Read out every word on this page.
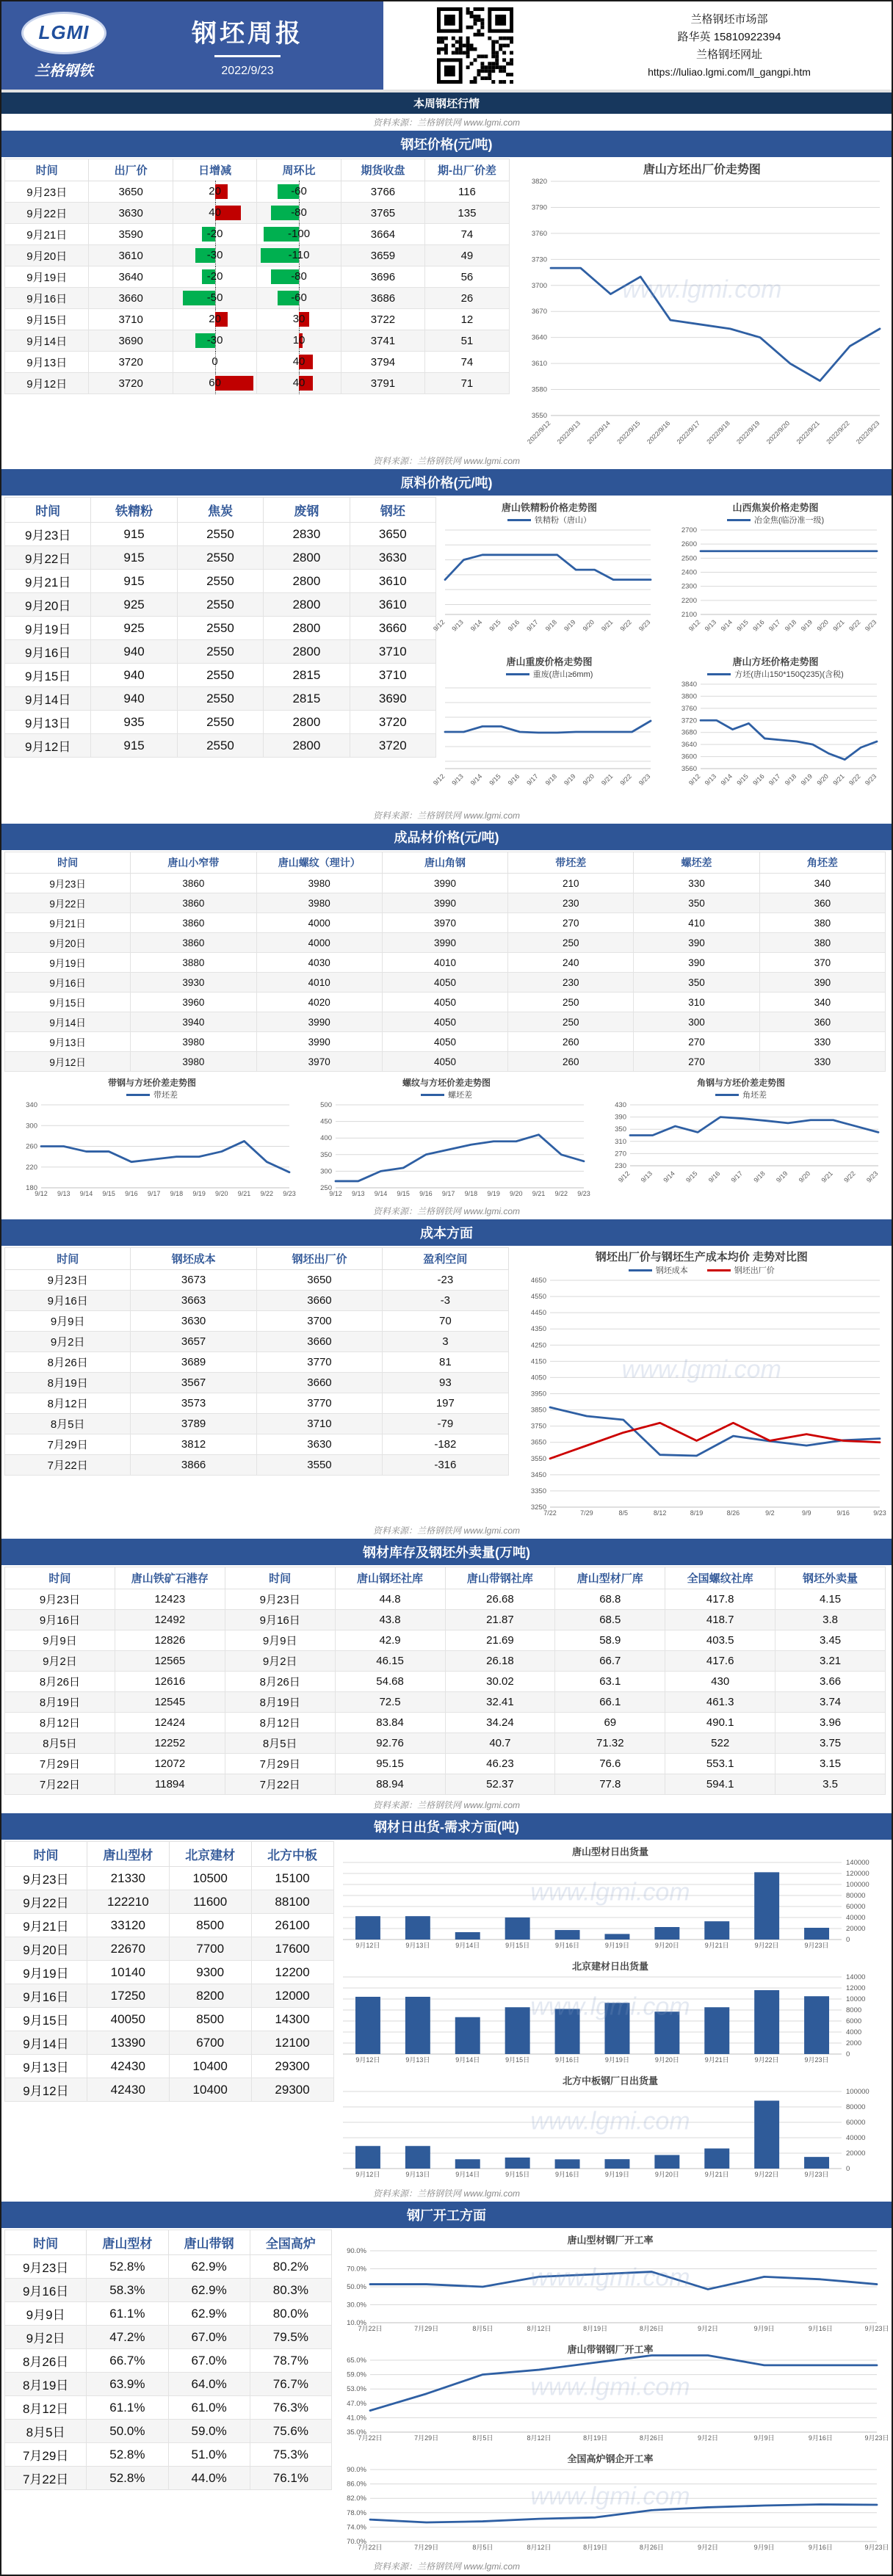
LGMI
兰格钢铁
钢坯周报
2022/9/23
兰格钢坯市场部
路华英 15810922394
兰格钢坯网址
https://luliao.lgmi.com/ll_gangpi.htm
本周钢坯行情
资料来源：兰格钢铁网 www.lgmi.com
钢坯价格(元/吨)
时间	出厂价	日增减	周环比	期货收盘	期-出厂价差
9月23日	3650	20	-60	3766	116
9月22日	3630	40	-80	3765	135
9月21日	3590	-20	-100	3664	74
9月20日	3610	-30	-110	3659	49
9月19日	3640	-20	-80	3696	56
9月16日	3660	-50	-60	3686	26
9月15日	3710	20	30	3722	12
9月14日	3690	-30	10	3741	51
9月13日	3720	0	40	3794	74
9月12日	3720	60	40	3791	71
唐山方坯出厂价走势图
www.lgmi.com
3550
3580
3610
3640
3670
3700
3730
3760
3790
3820
2022/9/12 2022/9/13 2022/9/14 2022/9/15 2022/9/16 2022/9/17 2022/9/18 2022/9/19 2022/9/20 2022/9/21 2022/9/22 2022/9/23
资料来源：兰格钢铁网 www.lgmi.com
原料价格(元/吨)
时间	铁精粉	焦炭	废钢	钢坯
9月23日	915	2550	2830	3650
9月22日	915	2550	2800	3630
9月21日	915	2550	2800	3610
9月20日	925	2550	2800	3610
9月19日	925	2550	2800	3660
9月16日	940	2550	2800	3710
9月15日	940	2550	2815	3710
9月14日	940	2550	2815	3690
9月13日	935	2550	2800	3720
9月12日	915	2550	2800	3720
唐山铁精粉价格走势图
铁精粉（唐山）
9/12 9/13 9/14 9/15 9/16 9/17 9/18 9/19 9/20 9/21 9/22 9/23
山西焦炭价格走势图
冶金焦(临汾准一级)
2100
2200
2300
2400
2500
2600
2700
9/12 9/13 9/14 9/15 9/16 9/17 9/18 9/19 9/20 9/21 9/22 9/23
唐山重废价格走势图
重废(唐山≥6mm)
9/12 9/13 9/14 9/15 9/16 9/17 9/18 9/19 9/20 9/21 9/22 9/23
唐山方坯价格走势图
方坯(唐山150*150Q235)(含税)
3560
3600
3640
3680
3720
3760
3800
3840
9/12 9/13 9/14 9/15 9/16 9/17 9/18 9/19 9/20 9/21 9/22 9/23
资料来源：兰格钢铁网 www.lgmi.com
成品材价格(元/吨)
时间	唐山小窄带	唐山螺纹（理计）	唐山角钢	带坯差	螺坯差	角坯差
9月23日	3860	3980	3990	210	330	340
9月22日	3860	3980	3990	230	350	360
9月21日	3860	4000	3970	270	410	380
9月20日	3860	4000	3990	250	390	380
9月19日	3880	4030	4010	240	390	370
9月16日	3930	4010	4050	230	350	390
9月15日	3960	4020	4050	250	310	340
9月14日	3940	3990	4050	250	300	360
9月13日	3980	3990	4050	260	270	330
9月12日	3980	3970	4050	260	270	330
带钢与方坯价差走势图
带坯差
180
220
260
300
340
9/12 9/13 9/14 9/15 9/16 9/17 9/18 9/19 9/20 9/21 9/22 9/23
螺纹与方坯价差走势图
螺坯差
250
300
350
400
450
500
9/12 9/13 9/14 9/15 9/16 9/17 9/18 9/19 9/20 9/21 9/22 9/23
角钢与方坯价差走势图
角坯差
230
270
310
350
390
430
9/12 9/13 9/14 9/15 9/16 9/17 9/18 9/19 9/20 9/21 9/22 9/23
资料来源：兰格钢铁网 www.lgmi.com
成本方面
时间	钢坯成本	钢坯出厂价	盈利空间
9月23日	3673	3650	-23
9月16日	3663	3660	-3
9月9日	3630	3700	70
9月2日	3657	3660	3
8月26日	3689	3770	81
8月19日	3567	3660	93
8月12日	3573	3770	197
8月5日	3789	3710	-79
7月29日	3812	3630	-182
7月22日	3866	3550	-316
钢坯出厂价与钢坯生产成本均价 走势对比图
钢坯成本	钢坯出厂价
www.lgmi.com
3250
3350
3450
3550
3650
3750
3850
3950
4050
4150
4250
4350
4450
4550
4650
7/22	7/29	8/5	8/12	8/19	8/26	9/2	9/9	9/16	9/23
资料来源：兰格钢铁网 www.lgmi.com
钢材库存及钢坯外卖量(万吨)
时间	唐山铁矿石港存	时间	唐山钢坯社库	唐山带钢社库	唐山型材厂库	全国螺纹社库	钢坯外卖量
9月23日	12423	9月23日	44.8	26.68	68.8	417.8	4.15
9月16日	12492	9月16日	43.8	21.87	68.5	418.7	3.8
9月9日	12826	9月9日	42.9	21.69	58.9	403.5	3.45
9月2日	12565	9月2日	46.15	26.18	66.7	417.6	3.21
8月26日	12616	8月26日	54.68	30.02	63.1	430	3.66
8月19日	12545	8月19日	72.5	32.41	66.1	461.3	3.74
8月12日	12424	8月12日	83.84	34.24	69	490.1	3.96
8月5日	12252	8月5日	92.76	40.7	71.32	522	3.75
7月29日	12072	7月29日	95.15	46.23	76.6	553.1	3.15
7月22日	11894	7月22日	88.94	52.37	77.8	594.1	3.5
资料来源：兰格钢铁网 www.lgmi.com
钢材日出货-需求方面(吨)
时间	唐山型材	北京建材	北方中板
9月23日	21330	10500	15100
9月22日	122210	11600	88100
9月21日	33120	8500	26100
9月20日	22670	7700	17600
9月19日	10140	9300	12200
9月16日	17250	8200	12000
9月15日	40050	8500	14300
9月14日	13390	6700	12100
9月13日	42430	10400	29300
9月12日	42430	10400	29300
唐山型材日出货量
www.lgmi.com
0
20000
40000
60000
80000
100000
120000
140000
9月12日	9月13日	9月14日	9月15日	9月16日	9月19日	9月20日	9月21日	9月22日	9月23日
北京建材日出货量
www.lgmi.com
0
2000
4000
6000
8000
10000
12000
14000
9月12日	9月13日	9月14日	9月15日	9月16日	9月19日	9月20日	9月21日	9月22日	9月23日
北方中板钢厂日出货量
www.lgmi.com
0
20000
40000
60000
80000
100000
9月12日	9月13日	9月14日	9月15日	9月16日	9月19日	9月20日	9月21日	9月22日	9月23日
资料来源：兰格钢铁网 www.lgmi.com
钢厂开工方面
时间	唐山型材	唐山带钢	全国高炉
9月23日	52.8%	62.9%	80.2%
9月16日	58.3%	62.9%	80.3%
9月9日	61.1%	62.9%	80.0%
9月2日	47.2%	67.0%	79.5%
8月26日	66.7%	67.0%	78.7%
8月19日	63.9%	64.0%	76.7%
8月12日	61.1%	61.0%	76.3%
8月5日	50.0%	59.0%	75.6%
7月29日	52.8%	51.0%	75.3%
7月22日	52.8%	44.0%	76.1%
唐山型材钢厂开工率
www.lgmi.com
10.0%
30.0%
50.0%
70.0%
90.0%
7月22日	7月29日	8月5日	8月12日	8月19日	8月26日	9月2日	9月9日	9月16日	9月23日
唐山带钢钢厂开工率
www.lgmi.com
35.0%
41.0%
47.0%
53.0%
59.0%
65.0%
7月22日	7月29日	8月5日	8月12日	8月19日	8月26日	9月2日	9月9日	9月16日	9月23日
全国高炉钢企开工率
www.lgmi.com
70.0%
74.0%
78.0%
82.0%
86.0%
90.0%
7月22日	7月29日	8月5日	8月12日	8月19日	8月26日	9月2日	9月9日	9月16日	9月23日
资料来源：兰格钢铁网 www.lgmi.com
